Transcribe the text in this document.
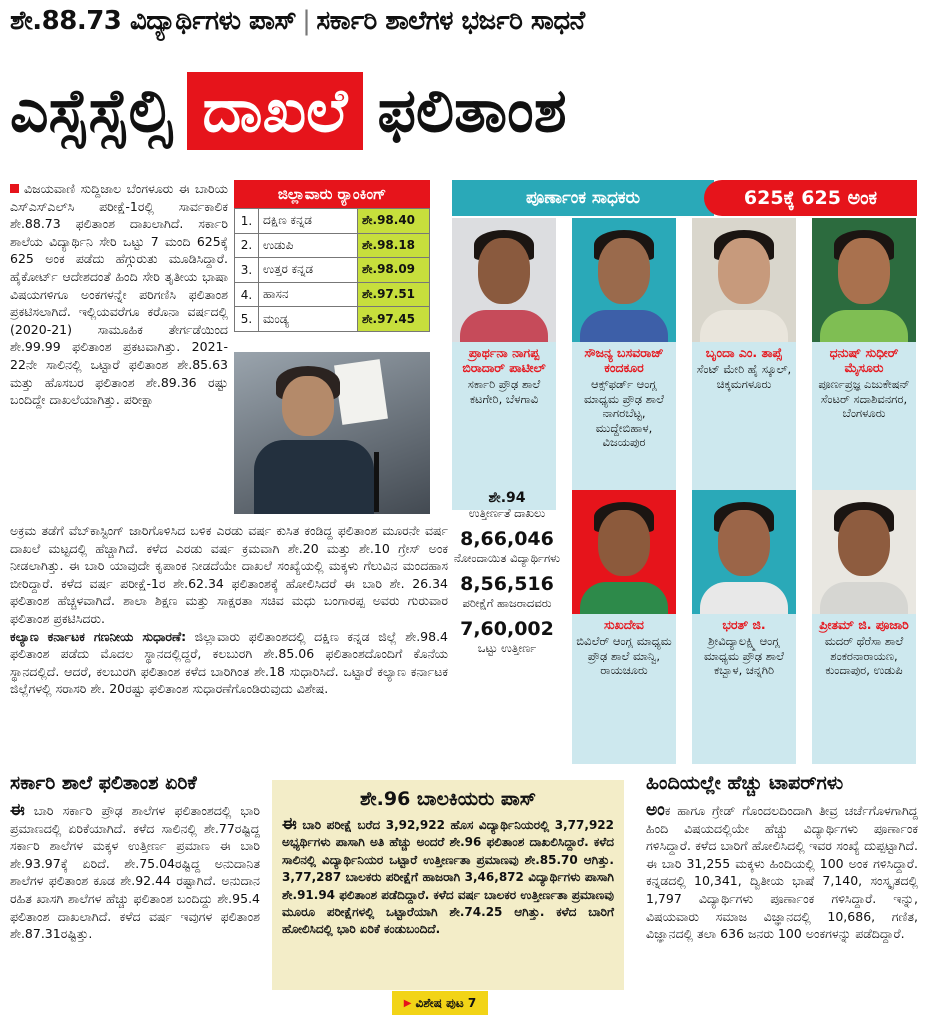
ಶೇ.88.73 ವಿದ್ಯಾರ್ಥಿಗಳು ಪಾಸ್ | ಸರ್ಕಾರಿ ಶಾಲೆಗಳ ಭರ್ಜರಿ ಸಾಧನೆ
ಎಸ್ಸೆಸ್ಸೆಲ್ಸಿ ದಾಖಲೆ ಫಲಿತಾಂಶ
ವಿಜಯವಾಣಿ ಸುದ್ದಿಜಾಲ ಬೆಂಗಳೂರು ಈ ಬಾರಿಯ ಎಸ್‌ಎಸ್‌ಎಲ್‌ಸಿ ಪರೀಕ್ಷೆ-1ರಲ್ಲಿ ಸಾರ್ವಕಾಲಿಕ ಶೇ.88.73 ಫಲಿತಾಂಶ ದಾಖಲಾಗಿದೆ. ಸರ್ಕಾರಿ ಶಾಲೆಯ ವಿದ್ಯಾರ್ಥಿನಿ ಸೇರಿ ಒಟ್ಟು 7 ಮಂದಿ 625ಕ್ಕೆ 625 ಅಂಕ ಪಡೆದು ಹೆಗ್ಗುರುತು ಮೂಡಿಸಿದ್ದಾರೆ. ಹೈಕೋರ್ಟ್ ಆದೇಶದಂತೆ ಹಿಂದಿ ಸೇರಿ ತೃತೀಯ ಭಾಷಾ ವಿಷಯಗಳಿಗೂ ಅಂಕಗಳನ್ನೇ ಪರಿಗಣಿಸಿ ಫಲಿತಾಂಶ ಪ್ರಕಟಿಸಲಾಗಿದೆ. ಇಲ್ಲಿಯವರೆಗೂ ಕರೊನಾ ವರ್ಷದಲ್ಲಿ (2020-21) ಸಾಮೂಹಿಕ ತೇರ್ಗಡೆಯಿಂದ ಶೇ.99.99 ಫಲಿತಾಂಶ ಪ್ರಕಟವಾಗಿತ್ತು. 2021-22ನೇ ಸಾಲಿನಲ್ಲಿ ಒಟ್ಟಾರೆ ಫಲಿತಾಂಶ ಶೇ.85.63 ಮತ್ತು ಹೊಸಬರ ಫಲಿತಾಂಶ ಶೇ.89.36 ರಷ್ಟು ಬಂದಿದ್ದೇ ದಾಖಲೆಯಾಗಿತ್ತು. ಪರೀಕ್ಷಾ
ಜಿಲ್ಲಾವಾರು ರ‍್ಯಾಂಕಿಂಗ್
1.	ದಕ್ಷಿಣ ಕನ್ನಡ	ಶೇ.98.40
2.	ಉಡುಪಿ	ಶೇ.98.18
3.	ಉತ್ತರ ಕನ್ನಡ	ಶೇ.98.09
4.	ಹಾಸನ	ಶೇ.97.51
5.	ಮಂಡ್ಯ	ಶೇ.97.45

ಅಕ್ರಮ ತಡೆಗೆ ವೆಬ್‌ಕಾಸ್ಟಿಂಗ್ ಜಾರಿಗೊಳಿಸಿದ ಬಳಿಕ ಎರಡು ವರ್ಷ ಕುಸಿತ ಕಂಡಿದ್ದ ಫಲಿತಾಂಶ ಮೂರನೇ ವರ್ಷ ದಾಖಲೆ ಮಟ್ಟದಲ್ಲಿ ಹೆಚ್ಚಾಗಿದೆ. ಕಳೆದ ಎರಡು ವರ್ಷ ಕ್ರಮವಾಗಿ ಶೇ.20 ಮತ್ತು ಶೇ.10 ಗ್ರೇಸ್ ಅಂಕ ನೀಡಲಾಗಿತ್ತು. ಈ ಬಾರಿ ಯಾವುದೇ ಕೃಪಾಂಕ ನೀಡದೆಯೇ ದಾಖಲೆ ಸಂಖ್ಯೆಯಲ್ಲಿ ಮಕ್ಕಳು ಗೆಲುವಿನ ಮಂದಹಾಸ ಬೀರಿದ್ದಾರೆ. ಕಳೆದ ವರ್ಷ ಪರೀಕ್ಷೆ-1ರ ಶೇ.62.34 ಫಲಿತಾಂಶಕ್ಕೆ ಹೋಲಿಸಿದರೆ ಈ ಬಾರಿ ಶೇ. 26.34 ಫಲಿತಾಂಶ ಹೆಚ್ಚಳವಾಗಿದೆ. ಶಾಲಾ ಶಿಕ್ಷಣ ಮತ್ತು ಸಾಕ್ಷರತಾ ಸಚಿವ ಮಧು ಬಂಗಾರಪ್ಪ ಅವರು ಗುರುವಾರ ಫಲಿತಾಂಶ ಪ್ರಕಟಿಸಿದರು.

ಕಲ್ಯಾಣ ಕರ್ನಾಟಕ ಗಣನೀಯ ಸುಧಾರಣೆ: ಜಿಲ್ಲಾವಾರು ಫಲಿತಾಂಶದಲ್ಲಿ ದಕ್ಷಿಣ ಕನ್ನಡ ಜಿಲ್ಲೆ ಶೇ.98.4 ಫಲಿತಾಂಶ ಪಡೆದು ಮೊದಲ ಸ್ಥಾನದಲ್ಲಿದ್ದರೆ, ಕಲಬುರಗಿ ಶೇ.85.06 ಫಲಿತಾಂಶದೊಂದಿಗೆ ಕೊನೆಯ ಸ್ಥಾನದಲ್ಲಿದೆ. ಆದರೆ, ಕಲಬುರಗಿ ಫಲಿತಾಂಶ ಕಳೆದ ಬಾರಿಗಿಂತ ಶೇ.18 ಸುಧಾರಿಸಿದೆ. ಒಟ್ಟಾರೆ ಕಲ್ಯಾಣ ಕರ್ನಾಟಕ ಜಿಲ್ಲೆಗಳಲ್ಲಿ ಸರಾಸರಿ ಶೇ. 20ರಷ್ಟು ಫಲಿತಾಂಶ ಸುಧಾರಣೆಗೊಂಡಿರುವುದು ವಿಶೇಷ.

ಪೂರ್ಣಾಂಕ ಸಾಧಕರು	625ಕ್ಕೆ 625 ಅಂಕ
ಪ್ರಾರ್ಥನಾ ನಾಗಪ್ಪ ಬಿರಾದಾರ್ ಪಾಟೀಲ್
ಸರ್ಕಾರಿ ಪ್ರೌಢ ಶಾಲೆ ಕಟಗೇರಿ, ಬೆಳಗಾವಿ
ಸೌಜನ್ಯ ಬಸವರಾಜ್ ಕಂದಕೂರ
ಆಕ್ಸ್‌ಫರ್ಡ್ ಆಂಗ್ಲ ಮಾಧ್ಯಮ ಪ್ರೌಢ ಶಾಲೆ ನಾಗರಬೆಟ್ಟ, ಮುದ್ದೇಬಿಹಾಳ, ವಿಜಯಪುರ
ಬೃಂದಾ ಎಂ. ತಾಪ್ಸೆ
ಸೆಂಟ್ ಮೇರಿ ಹೈ ಸ್ಕೂಲ್, ಚಿಕ್ಕಮಗಳೂರು
ಧನುಷ್ ಸುಧೀರ್ ಮೈಸೂರು
ಪೂರ್ಣಪ್ರಜ್ಞ ಎಜುಕೇಷನ್ ಸೆಂಟರ್ ಸದಾಶಿವನಗರ, ಬೆಂಗಳೂರು
ಶೇ.94
ಉತ್ತೀರ್ಣತೆ ದಾಖಲು
8,66,046
ನೋಂದಾಯಿತ ವಿದ್ಯಾರ್ಥಿಗಳು
8,56,516
ಪರೀಕ್ಷೆಗೆ ಹಾಜರಾದವರು
7,60,002
ಒಟ್ಟು ಉತ್ತೀರ್ಣ
ಸುಖದೇವ
ಬಿವಿಲೆರ್ ಆಂಗ್ಲ ಮಾಧ್ಯಮ ಪ್ರೌಢ ಶಾಲೆ ಮಾನ್ವಿ, ರಾಯಚೂರು
ಭರತ್ ಜಿ.
ಶ್ರೀವಿದ್ಯಾಲಕ್ಷ್ಮಿ ಆಂಗ್ಲ ಮಾಧ್ಯಮ ಪ್ರೌಢ ಶಾಲೆ ಕಬ್ಬಾಳ, ಚನ್ನಗಿರಿ
ಪ್ರೀತಮ್ ಜಿ. ಪೂಜಾರಿ
ಮದರ್ ಥೆರೆಸಾ ಶಾಲೆ ಶಂಕರನಾರಾಯಣ, ಕುಂದಾಪುರ, ಉಡುಪಿ
ಸರ್ಕಾರಿ ಶಾಲೆ ಫಲಿತಾಂಶ ಏರಿಕೆ
ಈ ಬಾರಿ ಸರ್ಕಾರಿ ಪ್ರೌಢ ಶಾಲೆಗಳ ಫಲಿತಾಂಶದಲ್ಲಿ ಭಾರಿ ಪ್ರಮಾಣದಲ್ಲಿ ಏರಿಕೆಯಾಗಿದೆ. ಕಳೆದ ಸಾಲಿನಲ್ಲಿ ಶೇ.77ರಷ್ಟಿದ್ದ ಸರ್ಕಾರಿ ಶಾಲೆಗಳ ಮಕ್ಕಳ ಉತ್ತೀರ್ಣ ಪ್ರಮಾಣ ಈ ಬಾರಿ ಶೇ.93.97ಕ್ಕೆ ಏರಿದೆ. ಶೇ.75.04ರಷ್ಟಿದ್ದ ಅನುದಾನಿತ ಶಾಲೆಗಳ ಫಲಿತಾಂಶ ಕೂಡ ಶೇ.92.44 ರಷ್ಟಾಗಿದೆ. ಅನುದಾನ ರಹಿತ ಖಾಸಗಿ ಶಾಲೆಗಳ ಹೆಚ್ಚು ಫಲಿತಾಂಶ ಬಂದಿದ್ದು ಶೇ.95.4 ಫಲಿತಾಂಶ ದಾಖಲಾಗಿದೆ. ಕಳೆದ ವರ್ಷ ಇವುಗಳ ಫಲಿತಾಂಶ ಶೇ.87.31ರಷ್ಟಿತ್ತು.
ಶೇ.96 ಬಾಲಕಿಯರು ಪಾಸ್
ಈ ಬಾರಿ ಪರೀಕ್ಷೆ ಬರೆದ 3,92,922 ಹೊಸ ವಿದ್ಯಾರ್ಥಿನಿಯರಲ್ಲಿ 3,77,922 ಅಭ್ಯರ್ಥಿಗಳು ಪಾಸಾಗಿ ಅತಿ ಹೆಚ್ಚು ಅಂದರೆ ಶೇ.96 ಫಲಿತಾಂಶ ದಾಖಲಿಸಿದ್ದಾರೆ. ಕಳೆದ ಸಾಲಿನಲ್ಲಿ ವಿದ್ಯಾರ್ಥಿನಿಯರ ಒಟ್ಟಾರೆ ಉತ್ತೀರ್ಣತಾ ಪ್ರಮಾಣವು ಶೇ.85.70 ಆಗಿತ್ತು. 3,77,287 ಬಾಲಕರು ಪರೀಕ್ಷೆಗೆ ಹಾಜರಾಗಿ 3,46,872 ವಿದ್ಯಾರ್ಥಿಗಳು ಪಾಸಾಗಿ ಶೇ.91.94 ಫಲಿತಾಂಶ ಪಡೆದಿದ್ದಾರೆ. ಕಳೆದ ವರ್ಷ ಬಾಲಕರ ಉತ್ತೀರ್ಣತಾ ಪ್ರಮಾಣವು ಮೂರೂ ಪರೀಕ್ಷೆಗಳಲ್ಲಿ ಒಟ್ಟಾರೆಯಾಗಿ ಶೇ.74.25 ಆಗಿತ್ತು. ಕಳೆದ ಬಾರಿಗೆ ಹೋಲಿಸಿದಲ್ಲಿ ಭಾರಿ ಏರಿಕೆ ಕಂಡುಬಂದಿದೆ.
▶ ವಿಶೇಷ ಪುಟ 7
ಹಿಂದಿಯಲ್ಲೇ ಹೆಚ್ಚು ಟಾಪರ್‌ಗಳು
ಅಂಕ ಹಾಗೂ ಗ್ರೇಡ್ ಗೊಂದಲದಿಂದಾಗಿ ತೀವ್ರ ಚರ್ಚೆಗೊಳಗಾಗಿದ್ದ ಹಿಂದಿ ವಿಷಯದಲ್ಲಿಯೇ ಹೆಚ್ಚು ವಿದ್ಯಾರ್ಥಿಗಳು ಪೂರ್ಣಾಂಕ ಗಳಿಸಿದ್ದಾರೆ. ಕಳೆದ ಬಾರಿಗೆ ಹೋಲಿಸಿದಲ್ಲಿ ಇವರ ಸಂಖ್ಯೆ ದುಪ್ಪಟ್ಟಾಗಿದೆ. ಈ ಬಾರಿ 31,255 ಮಕ್ಕಳು ಹಿಂದಿಯಲ್ಲಿ 100 ಅಂಕ ಗಳಿಸಿದ್ದಾರೆ. ಕನ್ನಡದಲ್ಲಿ 10,341, ದ್ವಿತೀಯ ಭಾಷೆ 7,140, ಸಂಸ್ಕೃತದಲ್ಲಿ 1,797 ವಿದ್ಯಾರ್ಥಿಗಳು ಪೂರ್ಣಾಂಕ ಗಳಿಸಿದ್ದಾರೆ. ಇನ್ನು, ವಿಷಯವಾರು ಸಮಾಜ ವಿಜ್ಞಾನದಲ್ಲಿ 10,686, ಗಣಿತ, ವಿಜ್ಞಾನದಲ್ಲಿ ತಲಾ 636 ಜನರು 100 ಅಂಕಗಳನ್ನು ಪಡೆದಿದ್ದಾರೆ.
